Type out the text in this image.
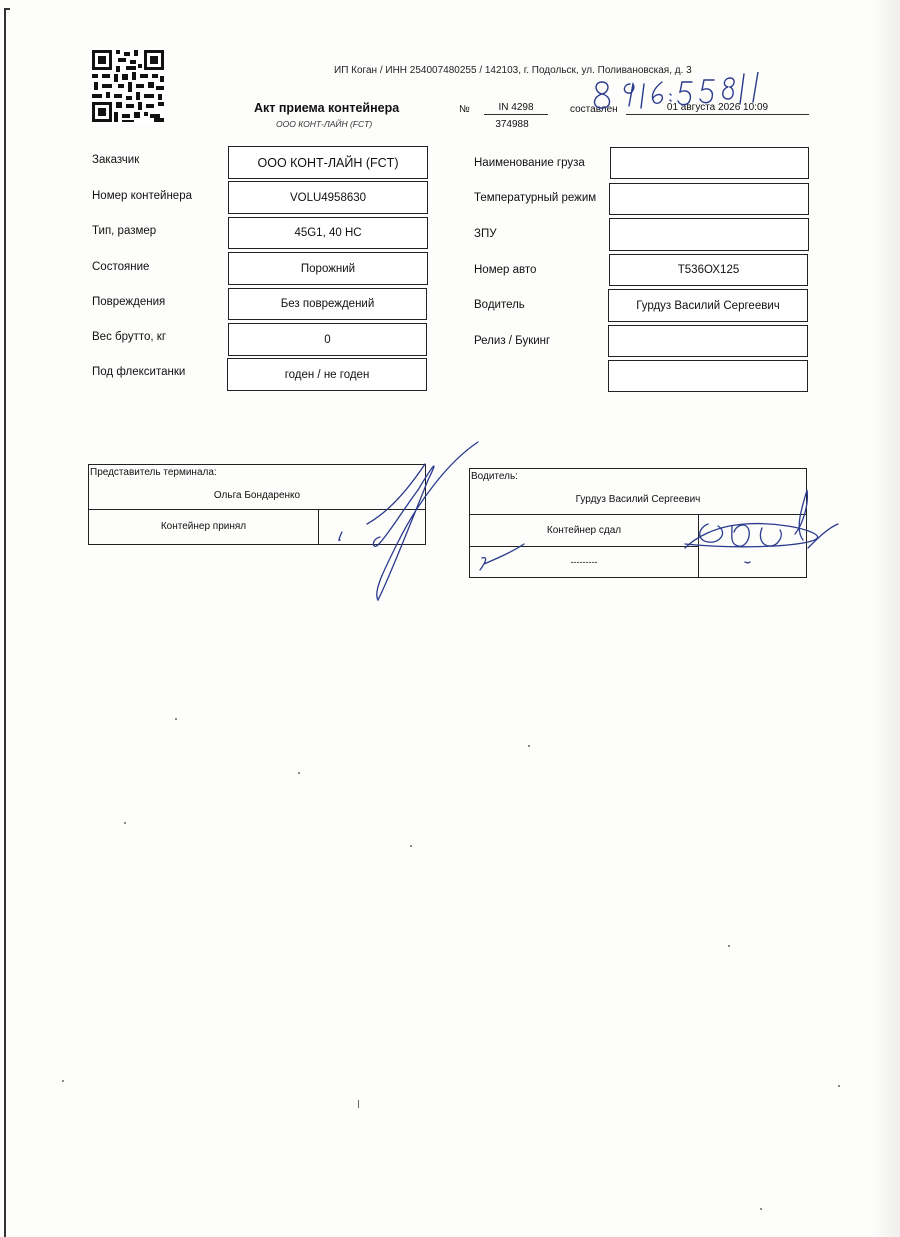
ИП Коган / ИНН 254007480255 / 142103, г. Подольск, ул. Поливановская, д. 3
Акт приема контейнера
ООО КОНТ-ЛАЙН (FCT)
№	IN 4298
374988
составлен	01 августа 2026 10:09
Заказчик
Номер контейнера
Тип, размер
Состояние
Повреждения
Вес брутто, кг
Под флекситанки
ООО КОНТ-ЛАЙН (FCT)
VOLU4958630
45G1, 40 HC
Порожний
Без повреждений
0
годен / не годен
Наименование груза
Температурный режим
ЗПУ
Номер авто
Водитель
Релиз / Букинг
Т536ОХ125
Гурдуз Василий Сергеевич
Представитель терминала:
Ольга Бондаренко
Контейнер принял
Водитель:
Гурдуз Василий Сергеевич
Контейнер сдал
---------
